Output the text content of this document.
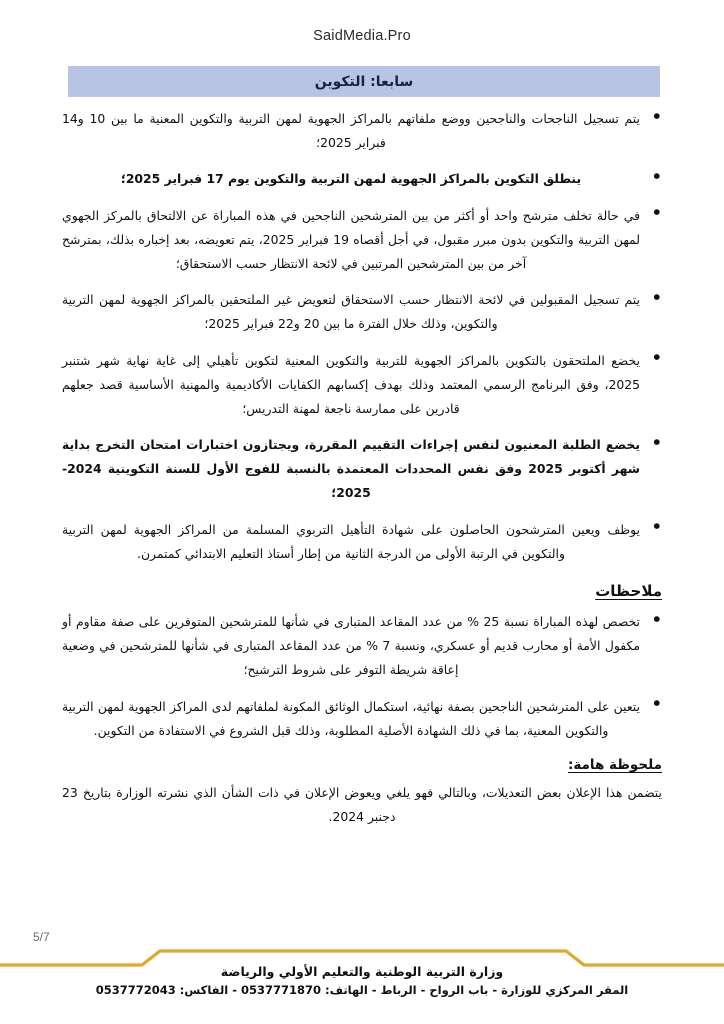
SaidMedia.Pro
سابعا: التكوين
● يتم تسجيل الناجحات والناجحين ووضع ملفاتهم بالمراكز الجهوية لمهن التربية والتكوين المعنية ما بين 10 و14 فبراير 2025؛
● ينطلق التكوين بالمراكز الجهوية لمهن التربية والتكوين يوم 17 فبراير 2025؛
● في حالة تخلف مترشح واحد أو أكثر من بين المترشحين الناجحين في هذه المباراة عن الالتحاق بالمركز الجهوي لمهن التربية والتكوين بدون مبرر مقبول، في أجل أقصاه 19 فبراير 2025، يتم تعويضه، بعد إخباره بذلك، بمترشح آخر من بين المترشحين المرتبين في لائحة الانتظار حسب الاستحقاق؛
● يتم تسجيل المقبولين في لائحة الانتظار حسب الاستحقاق لتعويض غير الملتحقين بالمراكز الجهوية لمهن التربية والتكوين، وذلك خلال الفترة ما بين 20 و22 فبراير 2025؛
● يخضع الملتحقون بالتكوين بالمراكز الجهوية للتربية والتكوين المعنية لتكوين تأهيلي إلى غاية نهاية شهر شتنبر 2025، وفق البرنامج الرسمي المعتمد وذلك بهدف إكسابهم الكفايات الأكاديمية والمهنية الأساسية قصد جعلهم قادرين على ممارسة ناجعة لمهنة التدريس؛
● يخضع الطلبة المعنيون لنفس إجراءات التقييم المقررة، ويجتازون اختبارات امتحان التخرج بداية شهر أكتوبر 2025 وفق نفس المحددات المعتمدة بالنسبة للفوج الأول للسنة التكوينية 2024-2025؛
● يوظف ويعين المترشحون الحاصلون على شهادة التأهيل التربوي المسلمة من المراكز الجهوية لمهن التربية والتكوين في الرتبة الأولى من الدرجة الثانية من إطار أستاذ التعليم الابتدائي كمتمرن.
ملاحظات
● تخصص لهذه المباراة نسبة 25 % من عدد المقاعد المتبارى في شأنها للمترشحين المتوفرين على صفة مقاوم أو مكفول الأمة أو محارب قديم أو عسكري، ونسبة 7 % من عدد المقاعد المتبارى في شأنها للمترشحين في وضعية إعاقة شريطة التوفر على شروط الترشيح؛
● يتعين على المترشحين الناجحين بصفة نهائية، استكمال الوثائق المكونة لملفاتهم لدى المراكز الجهوية لمهن التربية والتكوين المعنية، بما في ذلك الشهادة الأصلية المطلوبة، وذلك قبل الشروع في الاستفادة من التكوين.
ملحوظة هامة:

يتضمن هذا الإعلان بعض التعديلات، وبالتالي فهو يلغي ويعوض الإعلان في ذات الشأن الذي نشرته الوزارة بتاريخ 23 دجنبر 2024.

5/7
وزارة التربية الوطنية والتعليم الأولي والرياضة
المقر المركزي للوزارة - باب الرواح - الرباط - الهاتف: 0537771870 - الفاكس: 0537772043
